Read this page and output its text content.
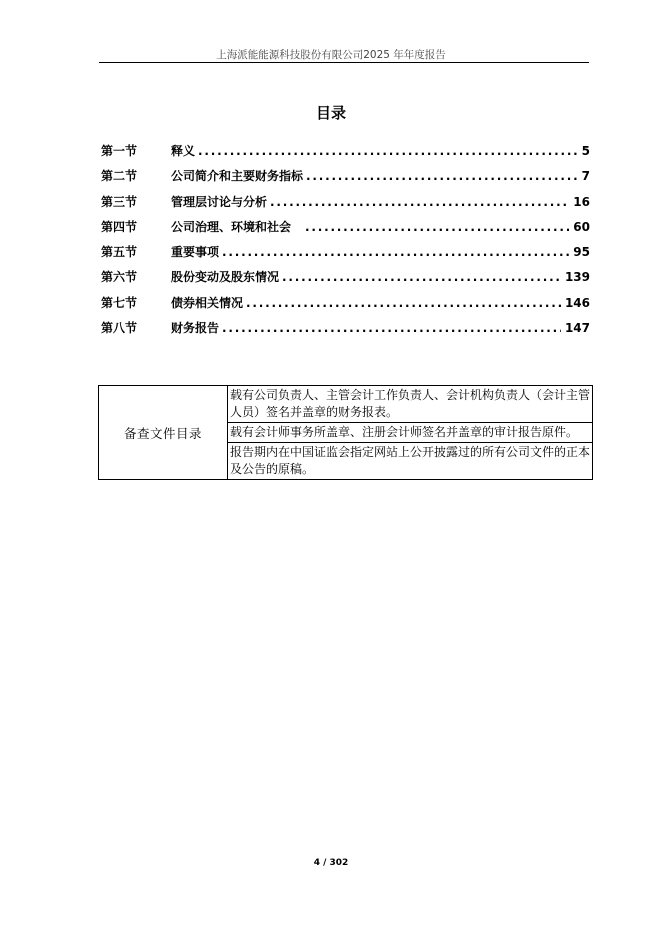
上海派能能源科技股份有限公司2025 年年度报告
目录
第一节	释义 .....	5
第二节	公司简介和主要财务指标 .....	7
第三节	管理层讨论与分析 .....	16
第四节	公司治理、环境和社会 .....	60
第五节	重要事项 .....	95
第六节	股份变动及股东情况 .....	139
第七节	债券相关情况 .....	146
第八节	财务报告 .....	147
备查文件目录	载有公司负责人、主管会计工作负责人、会计机构负责人（会计主管人员）签名并盖章的财务报表。
载有会计师事务所盖章、注册会计师签名并盖章的审计报告原件。
报告期内在中国证监会指定网站上公开披露过的所有公司文件的正本及公告的原稿。
4 / 302
